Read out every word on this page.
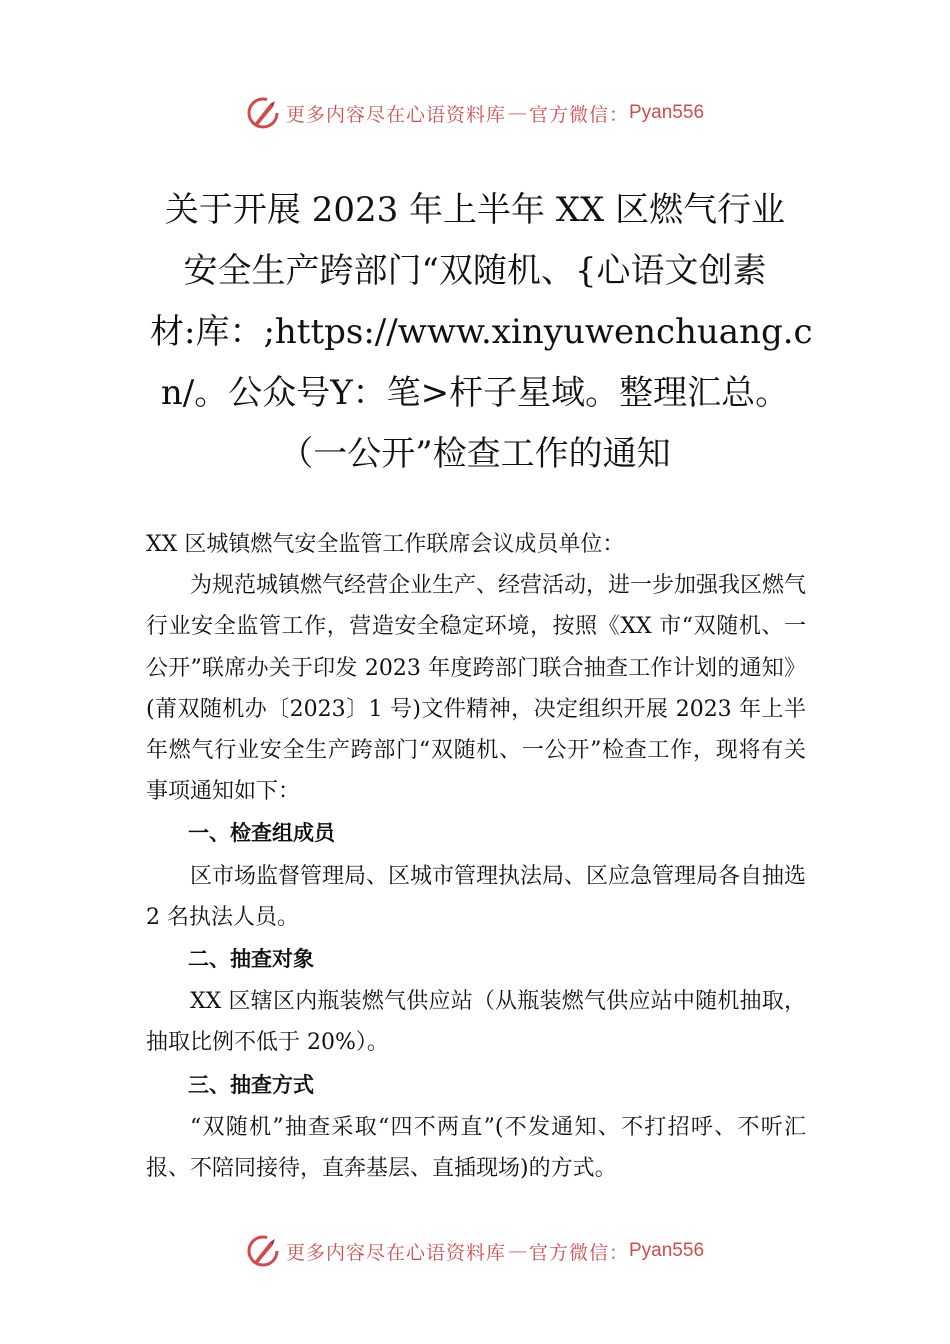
更多内容尽在心语资料库 — 官方微信： Pyan556
关于开展 2023 年上半年 XX 区燃气行业
安全生产跨部门“双随机、{心语文创素
材:库：;https://www.xinyuwenchuang.c
n/。公众号Y：笔>杆子星域。整理汇总。
（一公开”检查工作的通知

XX 区城镇燃气安全监管工作联席会议成员单位：

为规范城镇燃气经营企业生产、经营活动，进一步加强我区燃气行业安全监管工作，营造安全稳定环境，按照《XX 市“双随机、一公开”联席办关于印发 2023 年度跨部门联合抽查工作计划的通知》(莆双随机办〔2023〕1 号)文件精神，决定组织开展 2023 年上半年燃气行业安全生产跨部门“双随机、一公开”检查工作，现将有关事项通知如下：

一、检查组成员

区市场监督管理局、区城市管理执法局、区应急管理局各自抽选 2 名执法人员。

二、抽查对象

XX 区辖区内瓶装燃气供应站（从瓶装燃气供应站中随机抽取，抽取比例不低于 20%）。

三、抽查方式

“双随机”抽查采取“四不两直”(不发通知、不打招呼、不听汇报、不陪同接待，直奔基层、直插现场)的方式。

更多内容尽在心语资料库 — 官方微信： Pyan556
